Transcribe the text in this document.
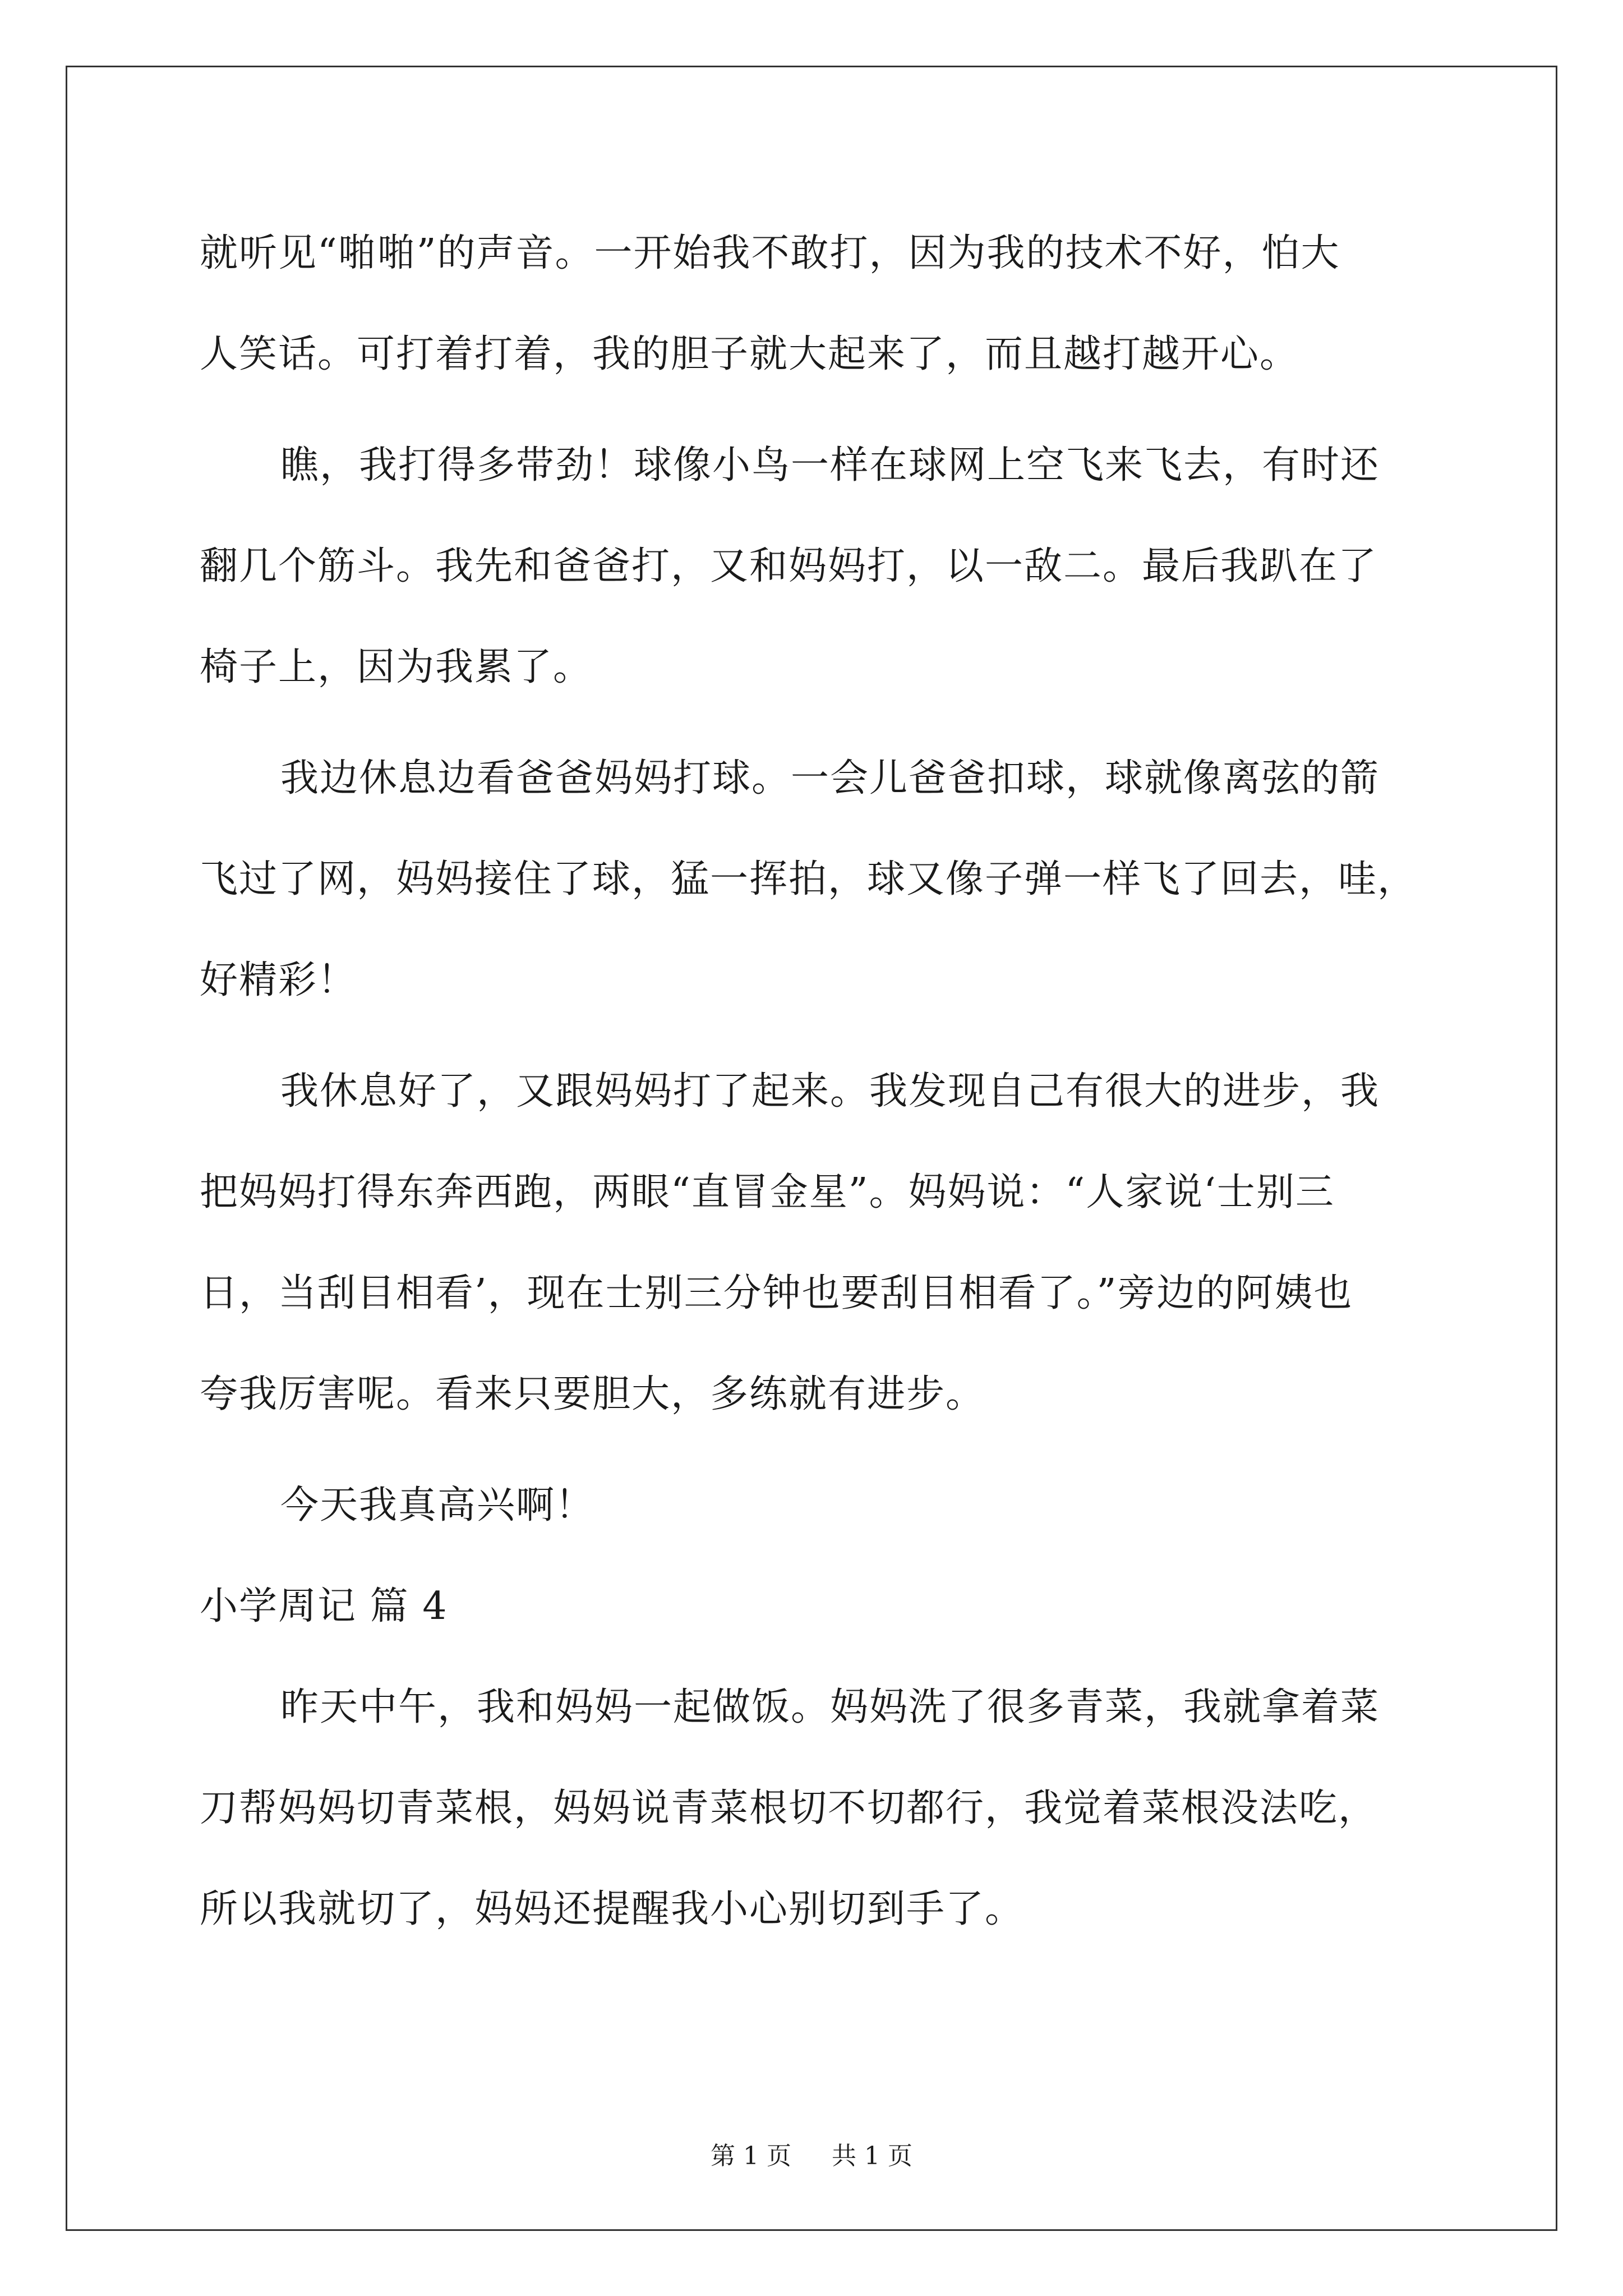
就听见“啪啪”的声音。一开始我不敢打，因为我的技术不好，怕大
人笑话。可打着打着，我的胆子就大起来了，而且越打越开心。
瞧，我打得多带劲！球像小鸟一样在球网上空飞来飞去，有时还
翻几个筋斗。我先和爸爸打，又和妈妈打，以一敌二。最后我趴在了
椅子上，因为我累了。
我边休息边看爸爸妈妈打球。一会儿爸爸扣球，球就像离弦的箭
飞过了网，妈妈接住了球，猛一挥拍，球又像子弹一样飞了回去，哇，
好精彩！
我休息好了，又跟妈妈打了起来。我发现自己有很大的进步，我
把妈妈打得东奔西跑，两眼“直冒金星”。妈妈说：“人家说‘士别三
日，当刮目相看’，现在士别三分钟也要刮目相看了。”旁边的阿姨也
夸我厉害呢。看来只要胆大，多练就有进步。
今天我真高兴啊！
小学周记 篇 4
昨天中午，我和妈妈一起做饭。妈妈洗了很多青菜，我就拿着菜
刀帮妈妈切青菜根，妈妈说青菜根切不切都行，我觉着菜根没法吃，
所以我就切了，妈妈还提醒我小心别切到手了。
第 1 页 共 1 页
